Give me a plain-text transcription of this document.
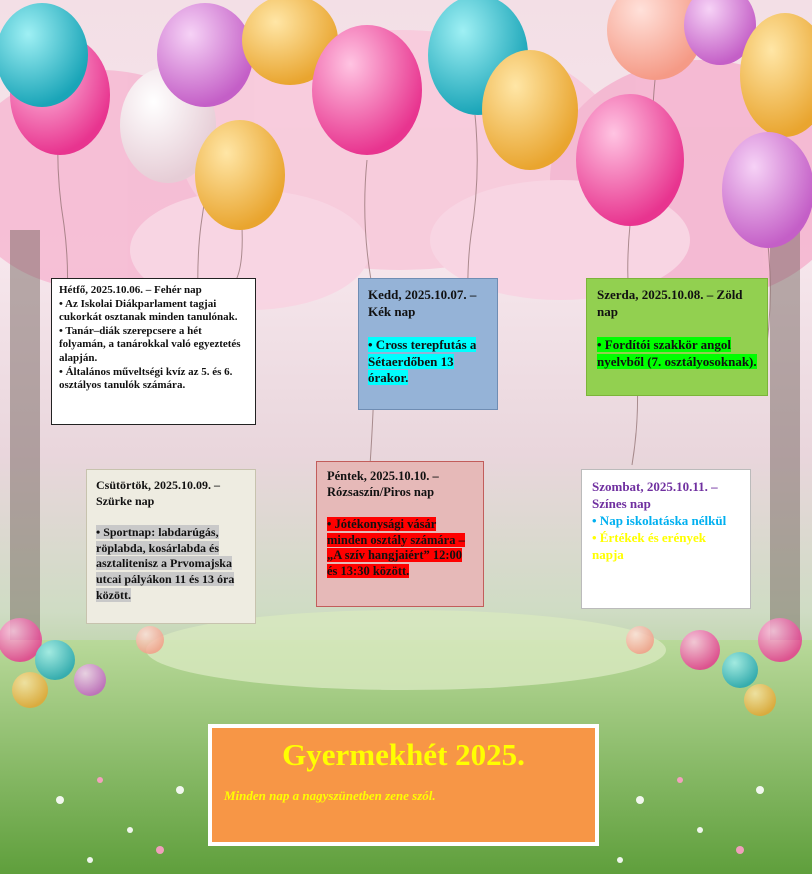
Hétfő, 2025.10.06. – Fehér nap

• Az Iskolai Diákparlament tagjai cukorkát osztanak minden tanulónak.

• Tanár–diák szerepcsere a hét folyamán, a tanárokkal való egyeztetés alapján.

• Általános műveltségi kvíz az 5. és 6. osztályos tanulók számára.

Kedd, 2025.10.07. – Kék nap

• Cross terepfutás a Sétaerdőben 13 órakor.

Szerda, 2025.10.08. – Zöld nap

• Fordítói szakkör angol nyelvből (7. osztályosoknak).

Csütörtök, 2025.10.09. – Szürke nap

• Sportnap: labdarúgás, röplabda, kosárlabda és asztalitenisz a Prvomajska utcai pályákon 11 és 13 óra között.

Péntek, 2025.10.10. – Rózsaszín/Piros nap

• Jótékonysági vásár minden osztály számára – „A szív hangjaiért” 12:00 és 13:30 között.

Szombat, 2025.10.11. – Színes nap

• Nap iskolatáska nélkül

• Értékek és erények napja

Gyermekhét 2025.
Minden nap a nagyszünetben zene szól.
